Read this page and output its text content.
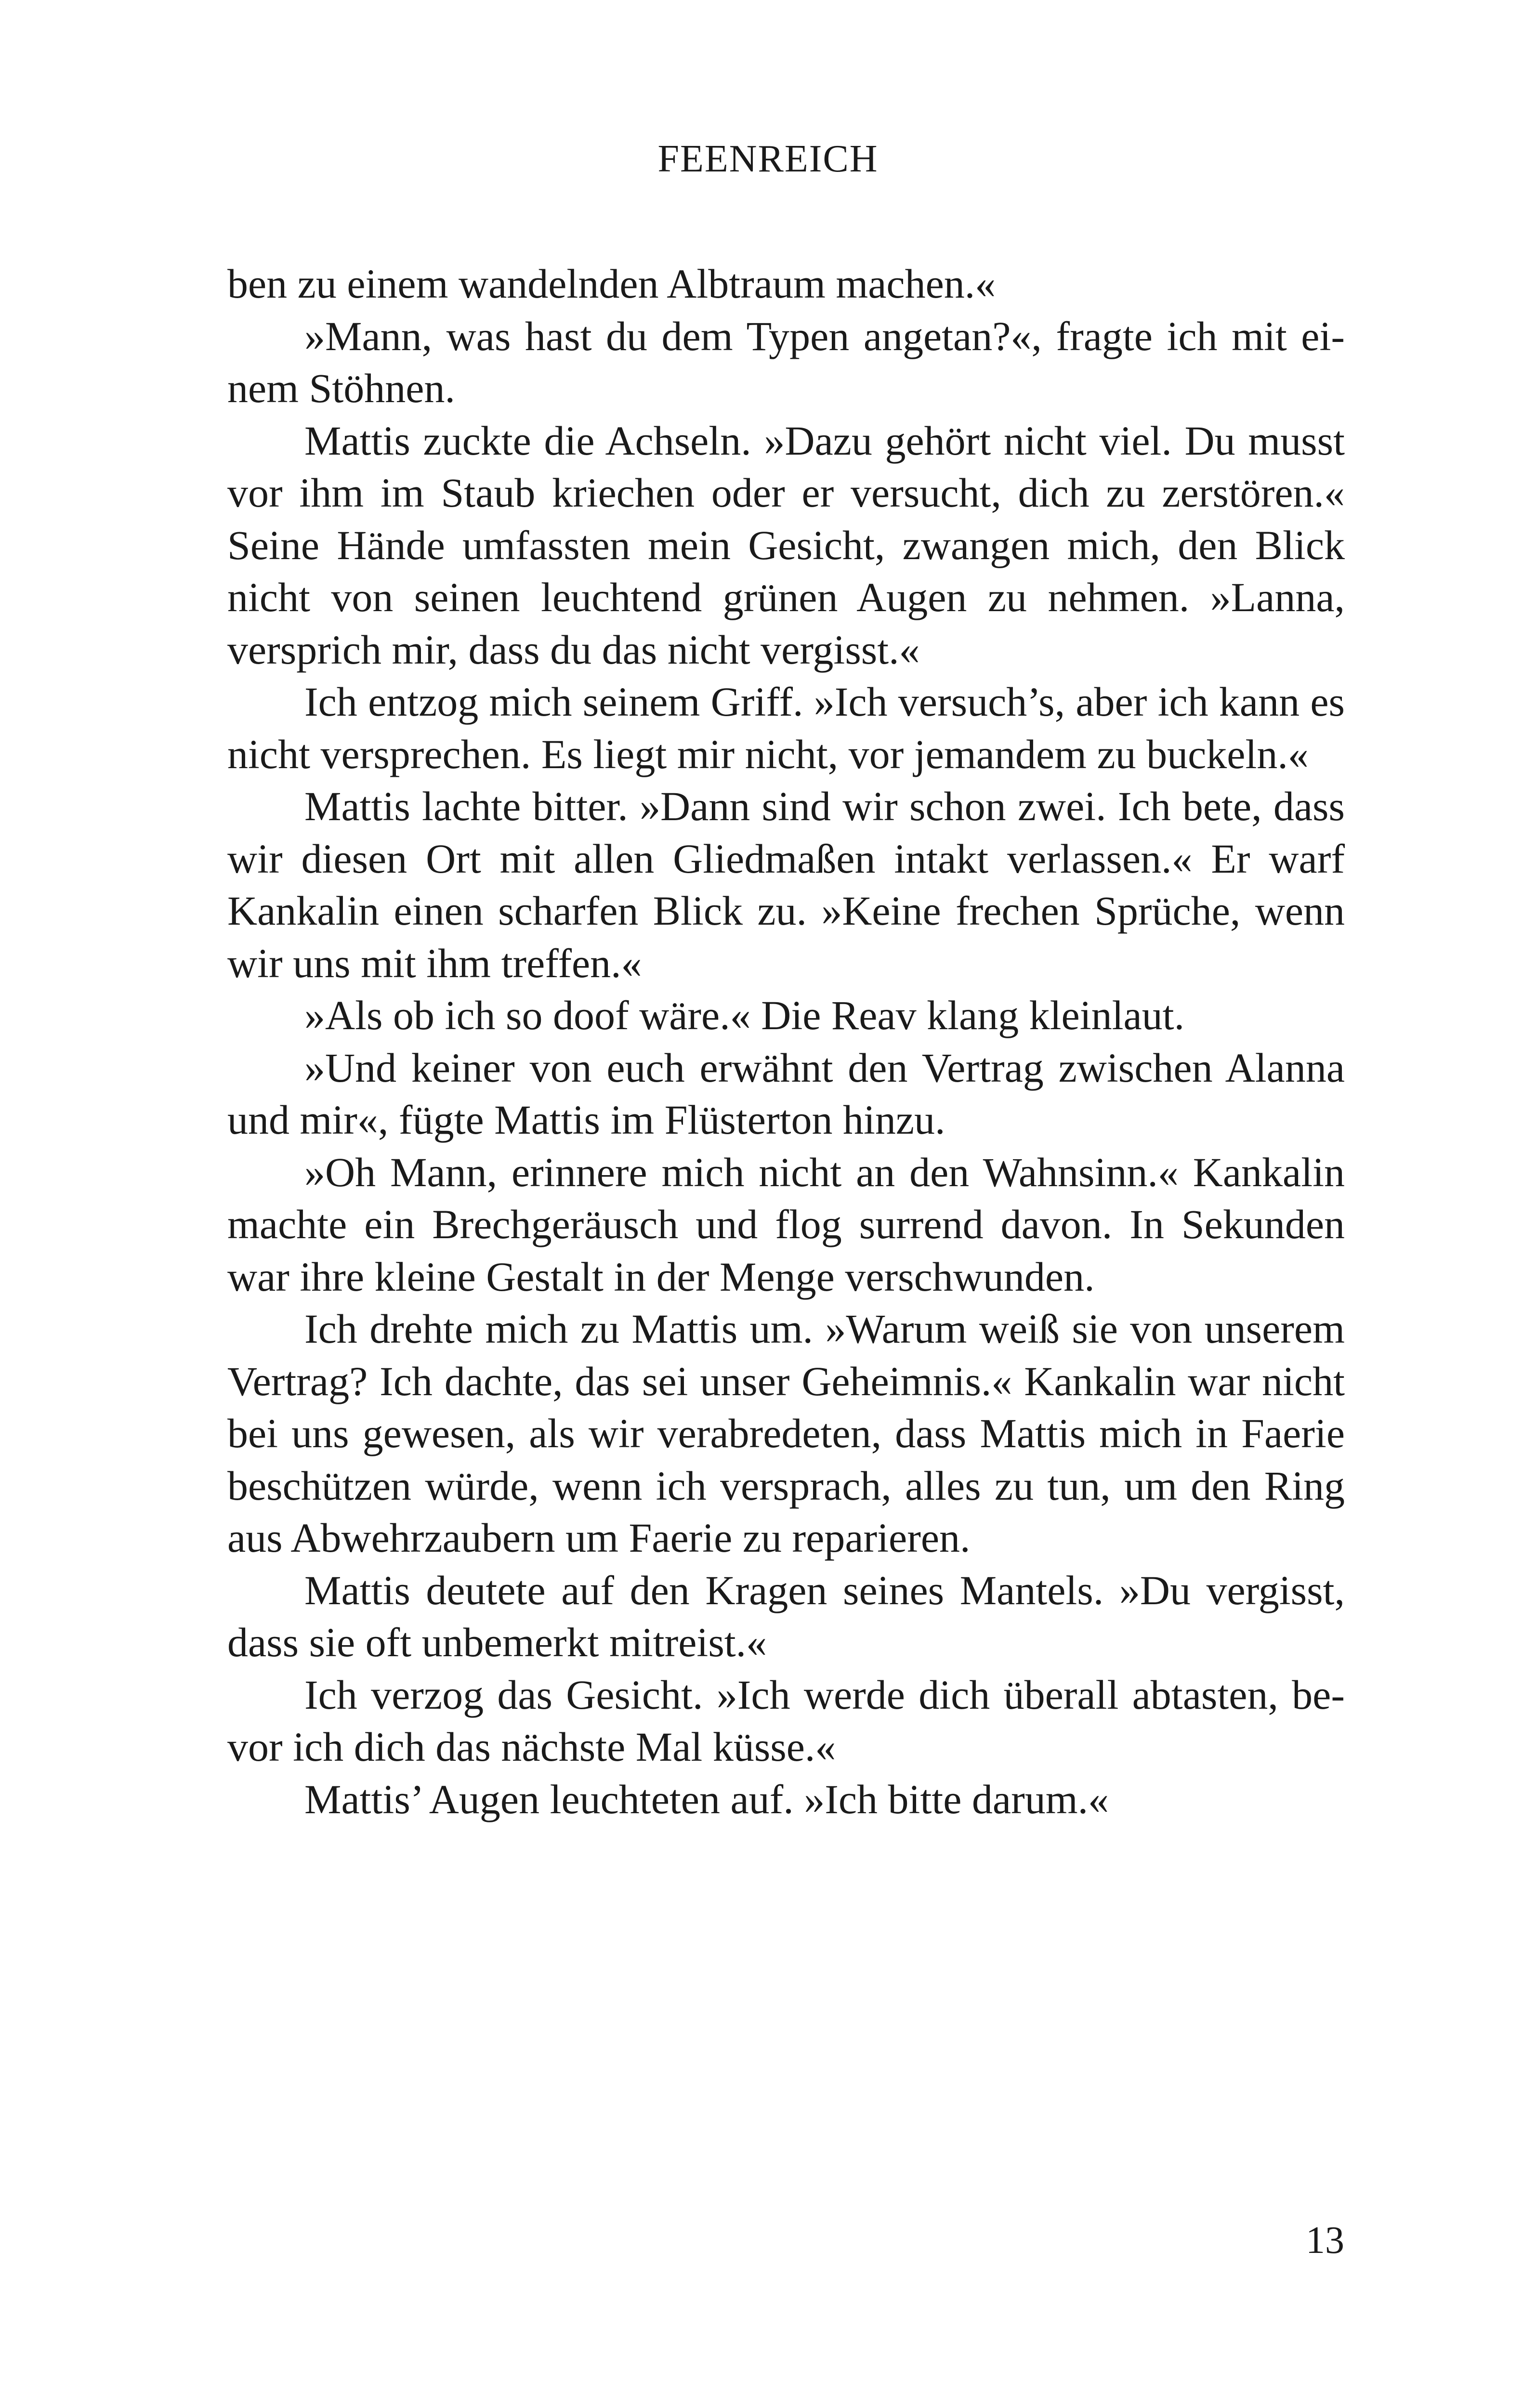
FEENREICH

ben zu einem wandelnden Albtraum machen.«

»Mann, was hast du dem Typen angetan?«, fragte ich mit einem Stöhnen.

Mattis zuckte die Achseln. »Dazu gehört nicht viel. Du musst vor ihm im Staub kriechen oder er versucht, dich zu zerstören.« Seine Hände umfassten mein Gesicht, zwangen mich, den Blick nicht von seinen leuchtend grünen Augen zu nehmen. »Lanna, versprich mir, dass du das nicht vergisst.«

Ich entzog mich seinem Griff. »Ich versuch’s, aber ich kann es nicht versprechen. Es liegt mir nicht, vor jemandem zu buckeln.«

Mattis lachte bitter. »Dann sind wir schon zwei. Ich bete, dass wir diesen Ort mit allen Gliedmaßen intakt verlassen.« Er warf Kankalin einen scharfen Blick zu. »Keine frechen Sprüche, wenn wir uns mit ihm treffen.«

»Als ob ich so doof wäre.« Die Reav klang kleinlaut.

»Und keiner von euch erwähnt den Vertrag zwischen Alanna und mir«, fügte Mattis im Flüsterton hinzu.

»Oh Mann, erinnere mich nicht an den Wahnsinn.« Kankalin machte ein Brechgeräusch und flog surrend davon. In Sekunden war ihre kleine Gestalt in der Menge verschwunden.

Ich drehte mich zu Mattis um. »Warum weiß sie von unserem Vertrag? Ich dachte, das sei unser Geheimnis.« Kankalin war nicht bei uns gewesen, als wir verabredeten, dass Mattis mich in Faerie beschützen würde, wenn ich versprach, alles zu tun, um den Ring aus Abwehrzaubern um Faerie zu reparieren.

Mattis deutete auf den Kragen seines Mantels. »Du vergisst, dass sie oft unbemerkt mitreist.«

Ich verzog das Gesicht. »Ich werde dich überall abtasten, bevor ich dich das nächste Mal küsse.«

Mattis’ Augen leuchteten auf. »Ich bitte darum.«

13
